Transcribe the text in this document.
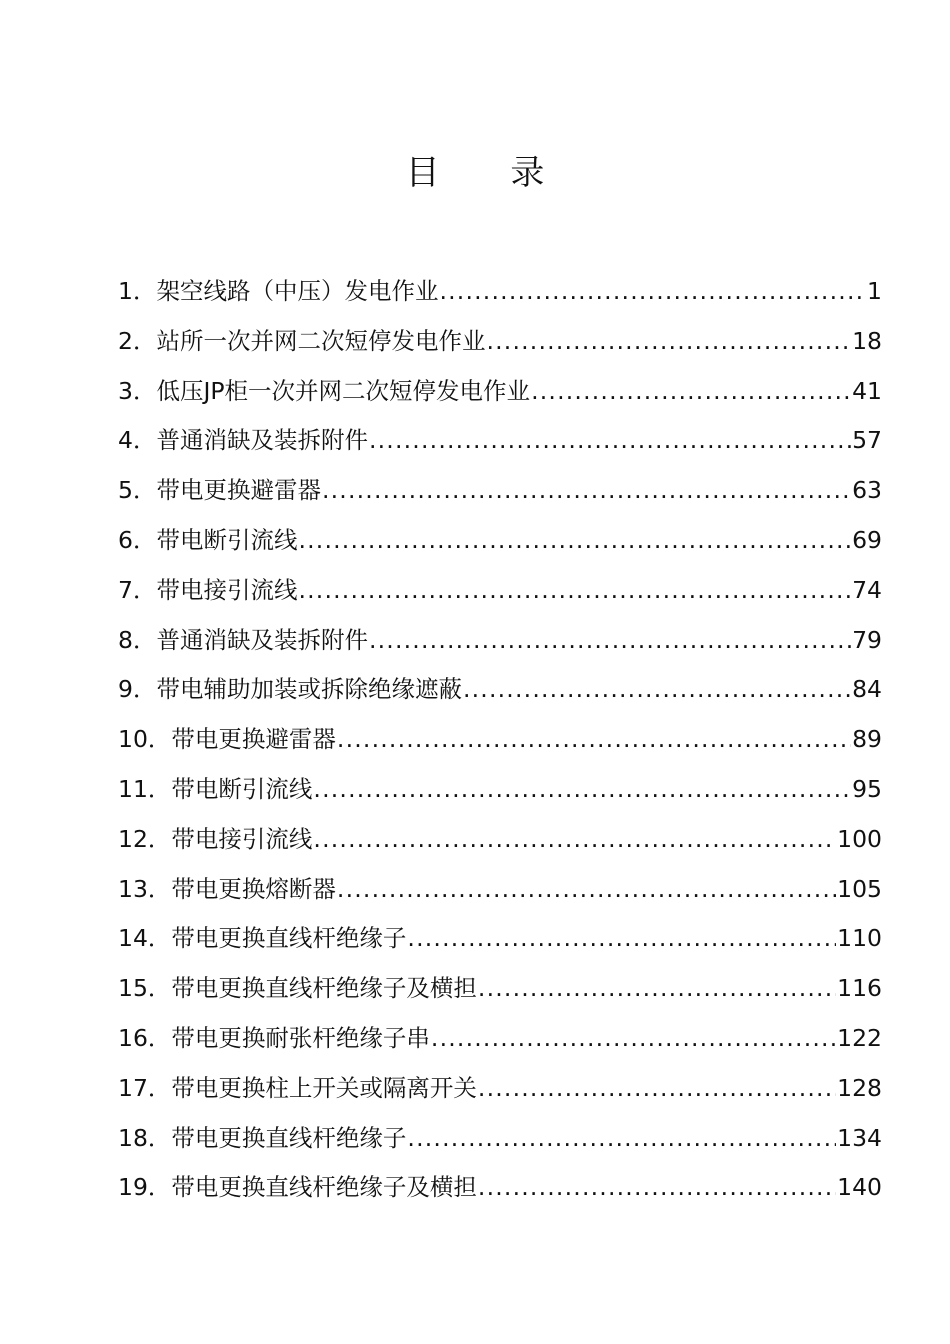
目 录
1．架空线路（中压）发电作业 .....	1
2．站所一次并网二次短停发电作业 .....	18
3．低压JP柜一次并网二次短停发电作业 .....	41
4．普通消缺及装拆附件 .....	57
5．带电更换避雷器 .....	63
6．带电断引流线 .....	69
7．带电接引流线 .....	74
8．普通消缺及装拆附件 .....	79
9．带电辅助加装或拆除绝缘遮蔽 .....	84
10．带电更换避雷器 .....	89
11．带电断引流线 .....	95
12．带电接引流线 .....	100
13．带电更换熔断器 .....	105
14．带电更换直线杆绝缘子 .....	110
15．带电更换直线杆绝缘子及横担 .....	116
16．带电更换耐张杆绝缘子串 .....	122
17．带电更换柱上开关或隔离开关 .....	128
18．带电更换直线杆绝缘子 .....	134
19．带电更换直线杆绝缘子及横担 .....	140
